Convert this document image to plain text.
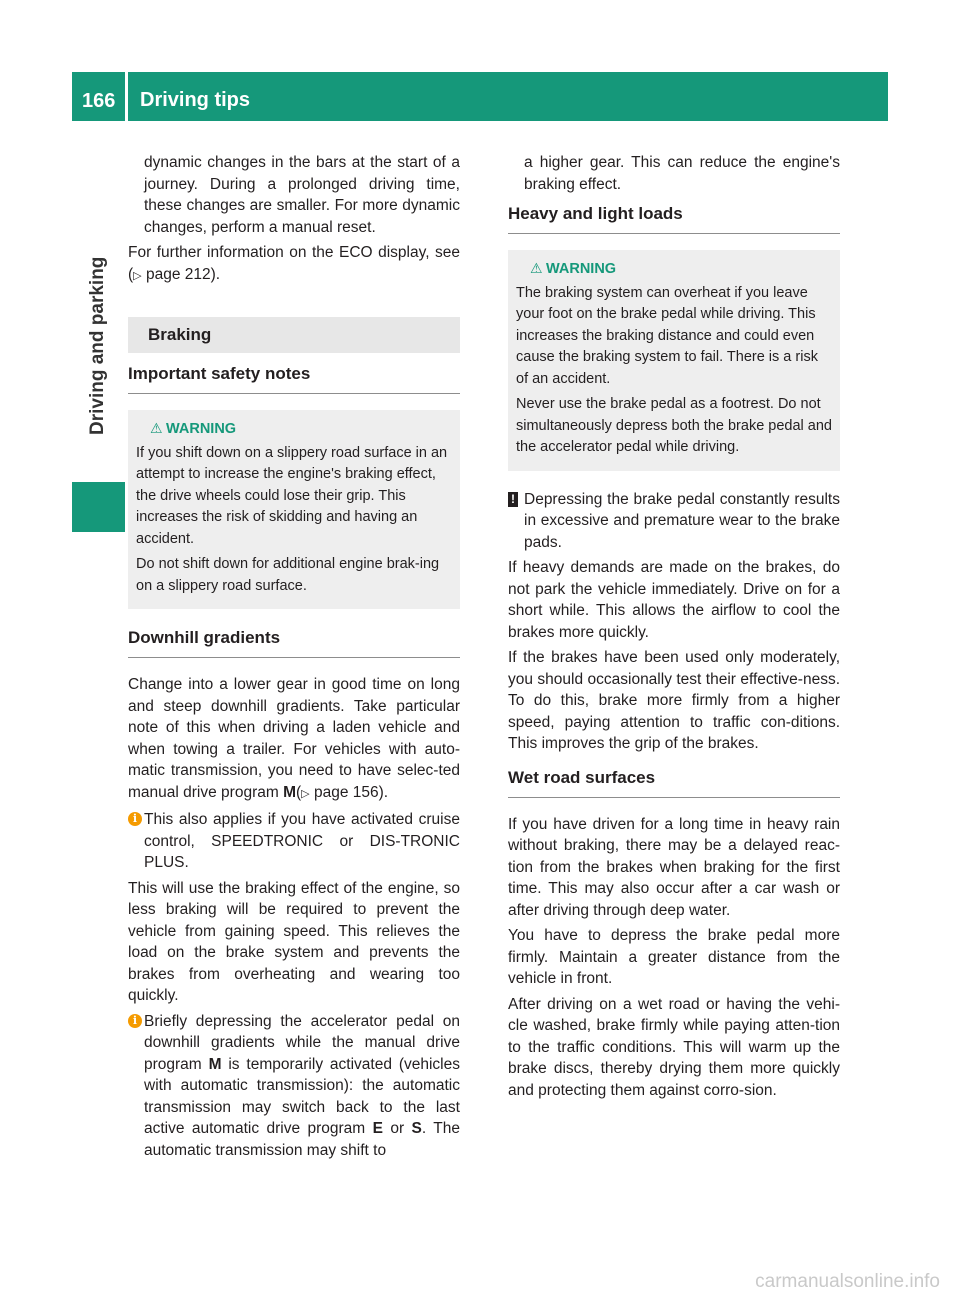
166 Driving tips
Driving and parking

dynamic changes in the bars at the start of a journey. During a prolonged driving time, these changes are smaller. For more dynamic changes, perform a manual reset.

For further information on the ECO display, see (▷ page 212).

Braking
Important safety notes
⚠ WARNING

If you shift down on a slippery road surface in an attempt to increase the engine's braking effect, the drive wheels could lose their grip. This increases the risk of skidding and having an accident.

Do not shift down for additional engine brak-ing on a slippery road surface.

Downhill gradients

Change into a lower gear in good time on long and steep downhill gradients. Take particular note of this when driving a laden vehicle and when towing a trailer. For vehicles with auto-matic transmission, you need to have selec-ted manual drive program M(▷ page 156).

i This also applies if you have activated cruise control, SPEEDTRONIC or DIS-TRONIC PLUS.

This will use the braking effect of the engine, so less braking will be required to prevent the vehicle from gaining speed. This relieves the load on the brake system and prevents the brakes from overheating and wearing too quickly.

i Briefly depressing the accelerator pedal on downhill gradients while the manual drive program M is temporarily activated (vehicles with automatic transmission): the automatic transmission may switch back to the last active automatic drive program E or S. The automatic transmission may shift to

a higher gear. This can reduce the engine's braking effect.

Heavy and light loads
⚠ WARNING

The braking system can overheat if you leave your foot on the brake pedal while driving. This increases the braking distance and could even cause the braking system to fail. There is a risk of an accident.

Never use the brake pedal as a footrest. Do not simultaneously depress both the brake pedal and the accelerator pedal while driving.

! Depressing the brake pedal constantly results in excessive and premature wear to the brake pads.

If heavy demands are made on the brakes, do not park the vehicle immediately. Drive on for a short while. This allows the airflow to cool the brakes more quickly.

If the brakes have been used only moderately, you should occasionally test their effective-ness. To do this, brake more firmly from a higher speed, paying attention to traffic con-ditions. This improves the grip of the brakes.

Wet road surfaces

If you have driven for a long time in heavy rain without braking, there may be a delayed reac-tion from the brakes when braking for the first time. This may also occur after a car wash or after driving through deep water.

You have to depress the brake pedal more firmly. Maintain a greater distance from the vehicle in front.

After driving on a wet road or having the vehi-cle washed, brake firmly while paying atten-tion to the traffic conditions. This will warm up the brake discs, thereby drying them more quickly and protecting them against corro-sion.

carmanualsonline.info
